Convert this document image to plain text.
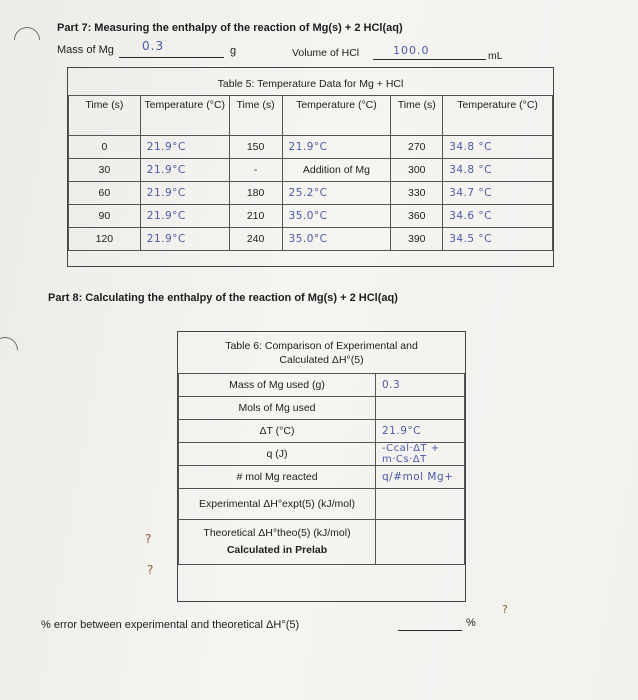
Part 7: Measuring the enthalpy of the reaction of Mg(s) + 2 HCl(aq)
Mass of Mg 0.3	g	Volume of HCl	100.0	mL
Table 5: Temperature Data for Mg + HCl
Time (s)	Temperature (°C)	Time (s)	Temperature (°C)	Time (s)	Temperature (°C)
0	21.9°C	150	21.9°C	270	34.8 °C
30	21.9°C	-	Addition of Mg	300	34.8 °C
60	21.9°C	180	25.2°C	330	34.7 °C
90	21.9°C	210	35.0°C	360	34.6 °C
120	21.9°C	240	35.0°C	390	34.5 °C
Part 8: Calculating the enthalpy of the reaction of Mg(s) + 2 HCl(aq)
Table 6: Comparison of Experimental and
Calculated ΔH°(5)
Mass of Mg used (g)	0.3
Mols of Mg used	
ΔT (°C)	21.9°C
q (J)	-Ccal·ΔT + m·Cs·ΔT
# mol Mg reacted	q/#mol Mg+
Experimental ΔH°expt(5) (kJ/mol)	

Theoretical ΔH°theo(5) (kJ/mol)
Calculated in Prelab	

?
?
% error between experimental and theoretical ΔH°(5)	%
?
